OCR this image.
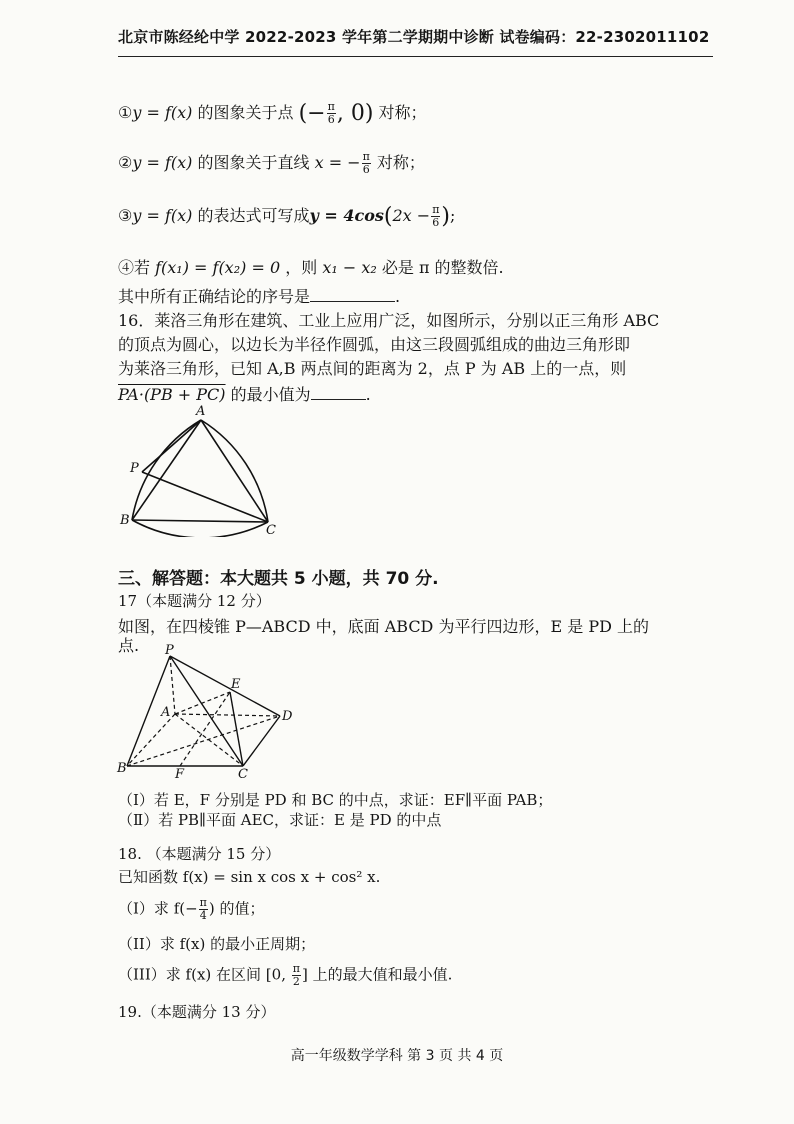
北京市陈经纶中学 2022-2023 学年第二学期期中诊断 试卷编码：22-2302011102
①y = f(x) 的图象关于点 (− $\frac{\pi}{6}$ , 0) 对称；
②y = f(x) 的图象关于直线 x = − $\frac{\pi}{6}$ 对称；
③y = f(x) 的表达式可写成$y = 4\cos(2x - \frac{\pi}{6}$ );
④若 f(x₁) = f(x₂) = 0 ，则 x₁ − x₂ 必是 π 的整数倍.
其中所有正确结论的序号是	.
16．莱洛三角形在建筑、工业上应用广泛，如图所示，分别以正三角形 ABC
的顶点为圆心，以边长为半径作圆弧，由这三段圆弧组成的曲边三角形即
为莱洛三角形，已知 A,B 两点间的距离为 2，点 P 为 AB 上的一点，则
PA·(PB + PC) 的最小值为	.
A
B
C
P
三、解答题：本大题共 5 小题，共 70 分.
17（本题满分 12 分）
如图，在四棱锥 P—ABCD 中，底面 ABCD 为平行四边形，E 是 PD 上的
点. P
E
A	D
B	F	C
（Ⅰ）若 E，F 分别是 PD 和 BC 的中点，求证：EF∥平面 PAB；
（Ⅱ）若 PB∥平面 AEC，求证：E 是 PD 的中点
18. （本题满分 15 分）
已知函数 f(x) = sin x cos x + cos² x.
（I）求 $f(- \frac{\pi}{4}$ ) 的值；
（II）求 f(x) 的最小正周期；
（III）求 f(x) 在区间 [0, $\frac{\pi}{2}$ ] 上的最大值和最小值.
19.（本题满分 13 分）
高一年级数学学科 第 3 页 共 4 页
